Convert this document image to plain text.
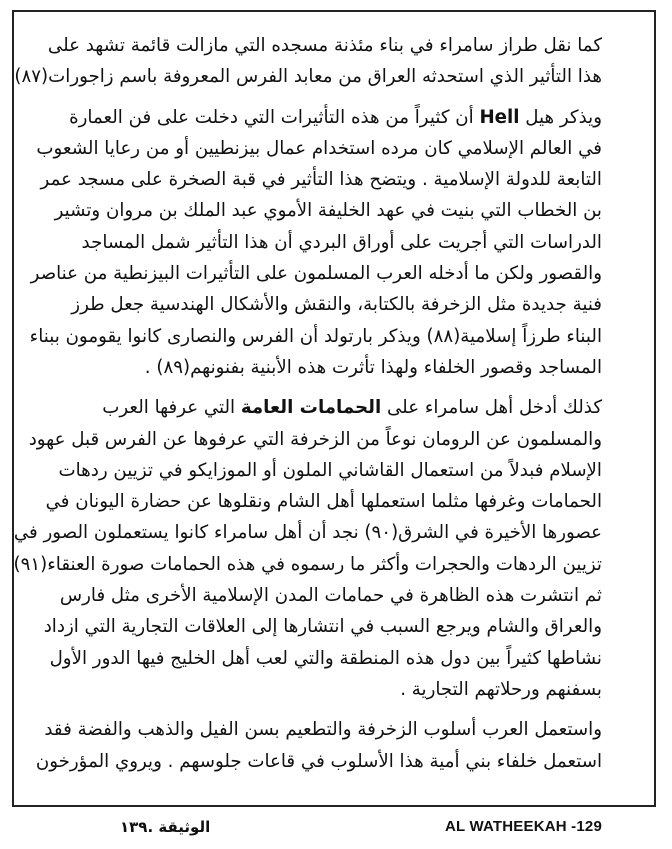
كما نقل طراز سامراء في بناء مئذنة مسجده التي مازالت قائمة تشهد على
هذا التأثير الذي استحدثه العراق من معابد الفرس المعروفة باسم زاجورات(٨٧)

ويذكر هيل Hell أن كثيراً من هذه التأثيرات التي دخلت على فن العمارة
في العالم الإسلامي كان مرده استخدام عمال بيزنطيين أو من رعايا الشعوب
التابعة للدولة الإسلامية . ويتضح هذا التأثير في قبة الصخرة على مسجد عمر
بن الخطاب التي بنيت في عهد الخليفة الأموي عبد الملك بن مروان وتشير
الدراسات التي أجريت على أوراق البردي أن هذا التأثير شمل المساجد
والقصور ولكن ما أدخله العرب المسلمون على التأثيرات البيزنطية من عناصر
فنية جديدة مثل الزخرفة بالكتابة، والنقش والأشكال الهندسية جعل طرز
البناء طرزاً إسلامية(٨٨) ويذكر بارتولد أن الفرس والنصارى كانوا يقومون ببناء
المساجد وقصور الخلفاء ولهذا تأثرت هذه الأبنية بفنونهم(٨٩) .

كذلك أدخل أهل سامراء على الحمامات العامة التي عرفها العرب
والمسلمون عن الرومان نوعاً من الزخرفة التي عرفوها عن الفرس قبل عهود
الإسلام فبدلاً من استعمال القاشاني الملون أو الموزايكو في تزيين ردهات
الحمامات وغرفها مثلما استعملها أهل الشام ونقلوها عن حضارة اليونان في
عصورها الأخيرة في الشرق(٩٠) نجد أن أهل سامراء كانوا يستعملون الصور في
تزيين الردهات والحجرات وأكثر ما رسموه في هذه الحمامات صورة العنقاء(٩١)
ثم انتشرت هذه الظاهرة في حمامات المدن الإسلامية الأخرى مثل فارس
والعراق والشام ويرجع السبب في انتشارها إلى العلاقات التجارية التي ازداد
نشاطها كثيراً بين دول هذه المنطقة والتي لعب أهل الخليج فيها الدور الأول
بسفنهم ورحلاتهم التجارية .

واستعمل العرب أسلوب الزخرفة والتطعيم بسن الفيل والذهب والفضة فقد
استعمل خلفاء بني أمية هذا الأسلوب في قاعات جلوسهم . ويروي المؤرخون

الوثيقة .١٣٩	AL WATHEEKAH -129
